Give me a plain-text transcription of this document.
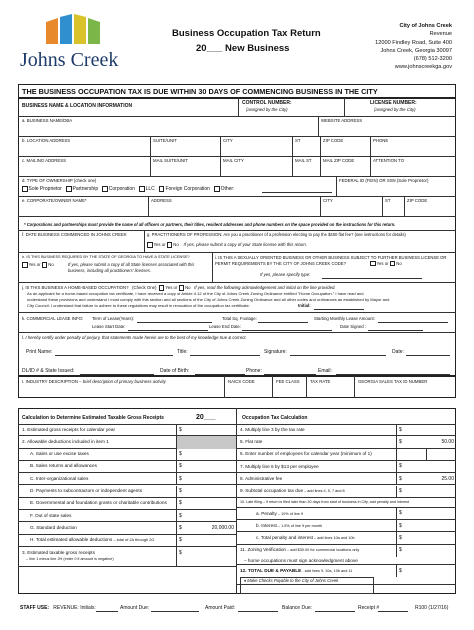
Johns Creek
Business Occupation Tax Return
20___ New Business
City of Johns Creek
Revenue
12000 Findley Road, Suite 400
Johns Creek, Georgia 30097
(678) 512-3200
www.johnscreekga.gov
THE BUSINESS OCCUPATION TAX IS DUE WITHIN 30 DAYS OF COMMENCING BUSINESS IN THE CITY
BUSINESS NAME & LOCATION INFORMATION	CONTROL NUMBER:
(assigned by the City)
LICENSE NUMBER:
(assigned by the City)
a. BUSINESS NAME/DBA	WEBSITE ADDRESS
b. LOCATION ADDRESS	SUITE/UNIT	CITY	ST	ZIP CODE	PHONE
c. MAILING ADDRESS	MAIL SUITE/UNIT	MAIL CITY	MAIL ST	MAIL ZIP CODE	ATTENTION TO
d. TYPE OF OWNERSHIP (check one)
Sole Proprietor Partnership Corporation LLC Foreign Corporation Other:
FEDERAL ID (FEIN) OR SSN (Sole Proprietor)
e. CORPORATE/OWNER NAME*	ADDRESS	CITY	ST	ZIP CODE
* Corporations and partnerships must provide the name of all officers or partners, their titles, resident addresses and phone numbers on the space provided on the instructions for this return.
f. DATE BUSINESS COMMENCED IN JOHNS CREEK	g. PRACTITIONERS OF PROFESSION: Are you a practitioner of a profession electing to pay the $400 flat fee? (see instructions for details)
Yes or No If yes, please submit a copy of your State license with this return.
h. IS THIS BUSINESS REQUIRED BY THE STATE OF GEORGIA TO HAVE A STATE LICENSE?
Yes or No	If yes, please submit a copy of all State licenses associated with this business, including all practitioners' licenses.
i. IS THIS A SEXUALLY ORIENTED BUSINESS OR OTHER BUSINESS SUBJECT TO FURTHER BUSINESS LICENSE OR PERMIT REQUIREMENTS BY THE CITY OF JOHNS CREEK CODE?	Yes or No
If yes, please specify type:
j. IS THIS BUSINESS A HOME-BASED OCCUPATION? (Check One) Yes or No If yes, read the following acknowledgement and initial on the line provided.
As an applicant for a home-based occupation tax certificate, I have received a copy of Article 4.12 of the City of Johns Creek Zoning Ordinance entitled "Home Occupation." I have read and
understand these provisions and understand I must comply with this section and all sections of the City of Johns Creek Zoning Ordinance and all other codes and ordinances as established by Mayor and
City Council. I understand that failure to adhere to these regulations may result in revocation of the occupation tax certificate.	Initial:
k. COMMERCIAL LEASE INFO: Term of Lease(Years):	Total Sq. Footage:	Starting Monthly Lease Amount:
Lease Start Date:	Lease End Date:	Date Signed :
l. I hereby certify under penalty of perjury, that statements made herein are to the best of my knowledge true & correct.
Print Name:	Title:	Signature:	Date:
DL/ID # & State Issued:	Date of Birth:	Phone:	Email:
I. INDUSTRY DESCRIPTION – brief description of primary business activity	NAICS CODE	FEE CLASS TAX RATE	GEORGIA SALES TAX ID NUMBER
Calculation to Determine Estimated Taxable Gross Receipts	20___	Occupation Tax Calculation
1. Estimated gross receipts for calendar year	$
2. Allowable deductions included in item 1
A. Sales or use excise taxes	$
B. Sales returns and allowances	$
C. Inter-organizational sales	$
D. Payments to subcontractors or independent agents	$
E. Governmental and foundation grants or charitable contributions $
F. Out of state sales	$
G. Standard deduction	$	20,000.00
H. Total estimated allowable deductions – total of 2A through 2G	$
3. Estimated taxable gross receipts
– line 1 minus line 2H (enter 0 if amount is negative)
$
4. Multiply line 3 by the tax rate	$
5. Flat rate	$	50.00
6. Enter number of employees for calendar year (minimum of 1)
7. Multiply line 6 by $13 per employee	$
8. Administrative fee	$	25.00
9. Subtotal occupation tax due – add lines 4, 5, 7 and 8	$
10. Late filing – if return is filed later than 30 days from start of business in City, add penalty and interest
a. Penalty – 10% of line 9	$
b. Interest – 1.5% of line 9 per month	$
c. Total penalty and interest – add lines 10a and 10b	$
11. Zoning Verification – add $30.00 for commercial locations only	$
– home occupations must sign acknowledgment above
12. TOTAL DUE & PAYABLE - add lines 9, 10a, 10b and 11	$
♦ Make Checks Payable to the City of Johns Creek
STAFF USE: REVENUE: Initials:	Amount Due:	Amount Paid:	Balance Due:	Receipt #	R100 (1/27/16)
